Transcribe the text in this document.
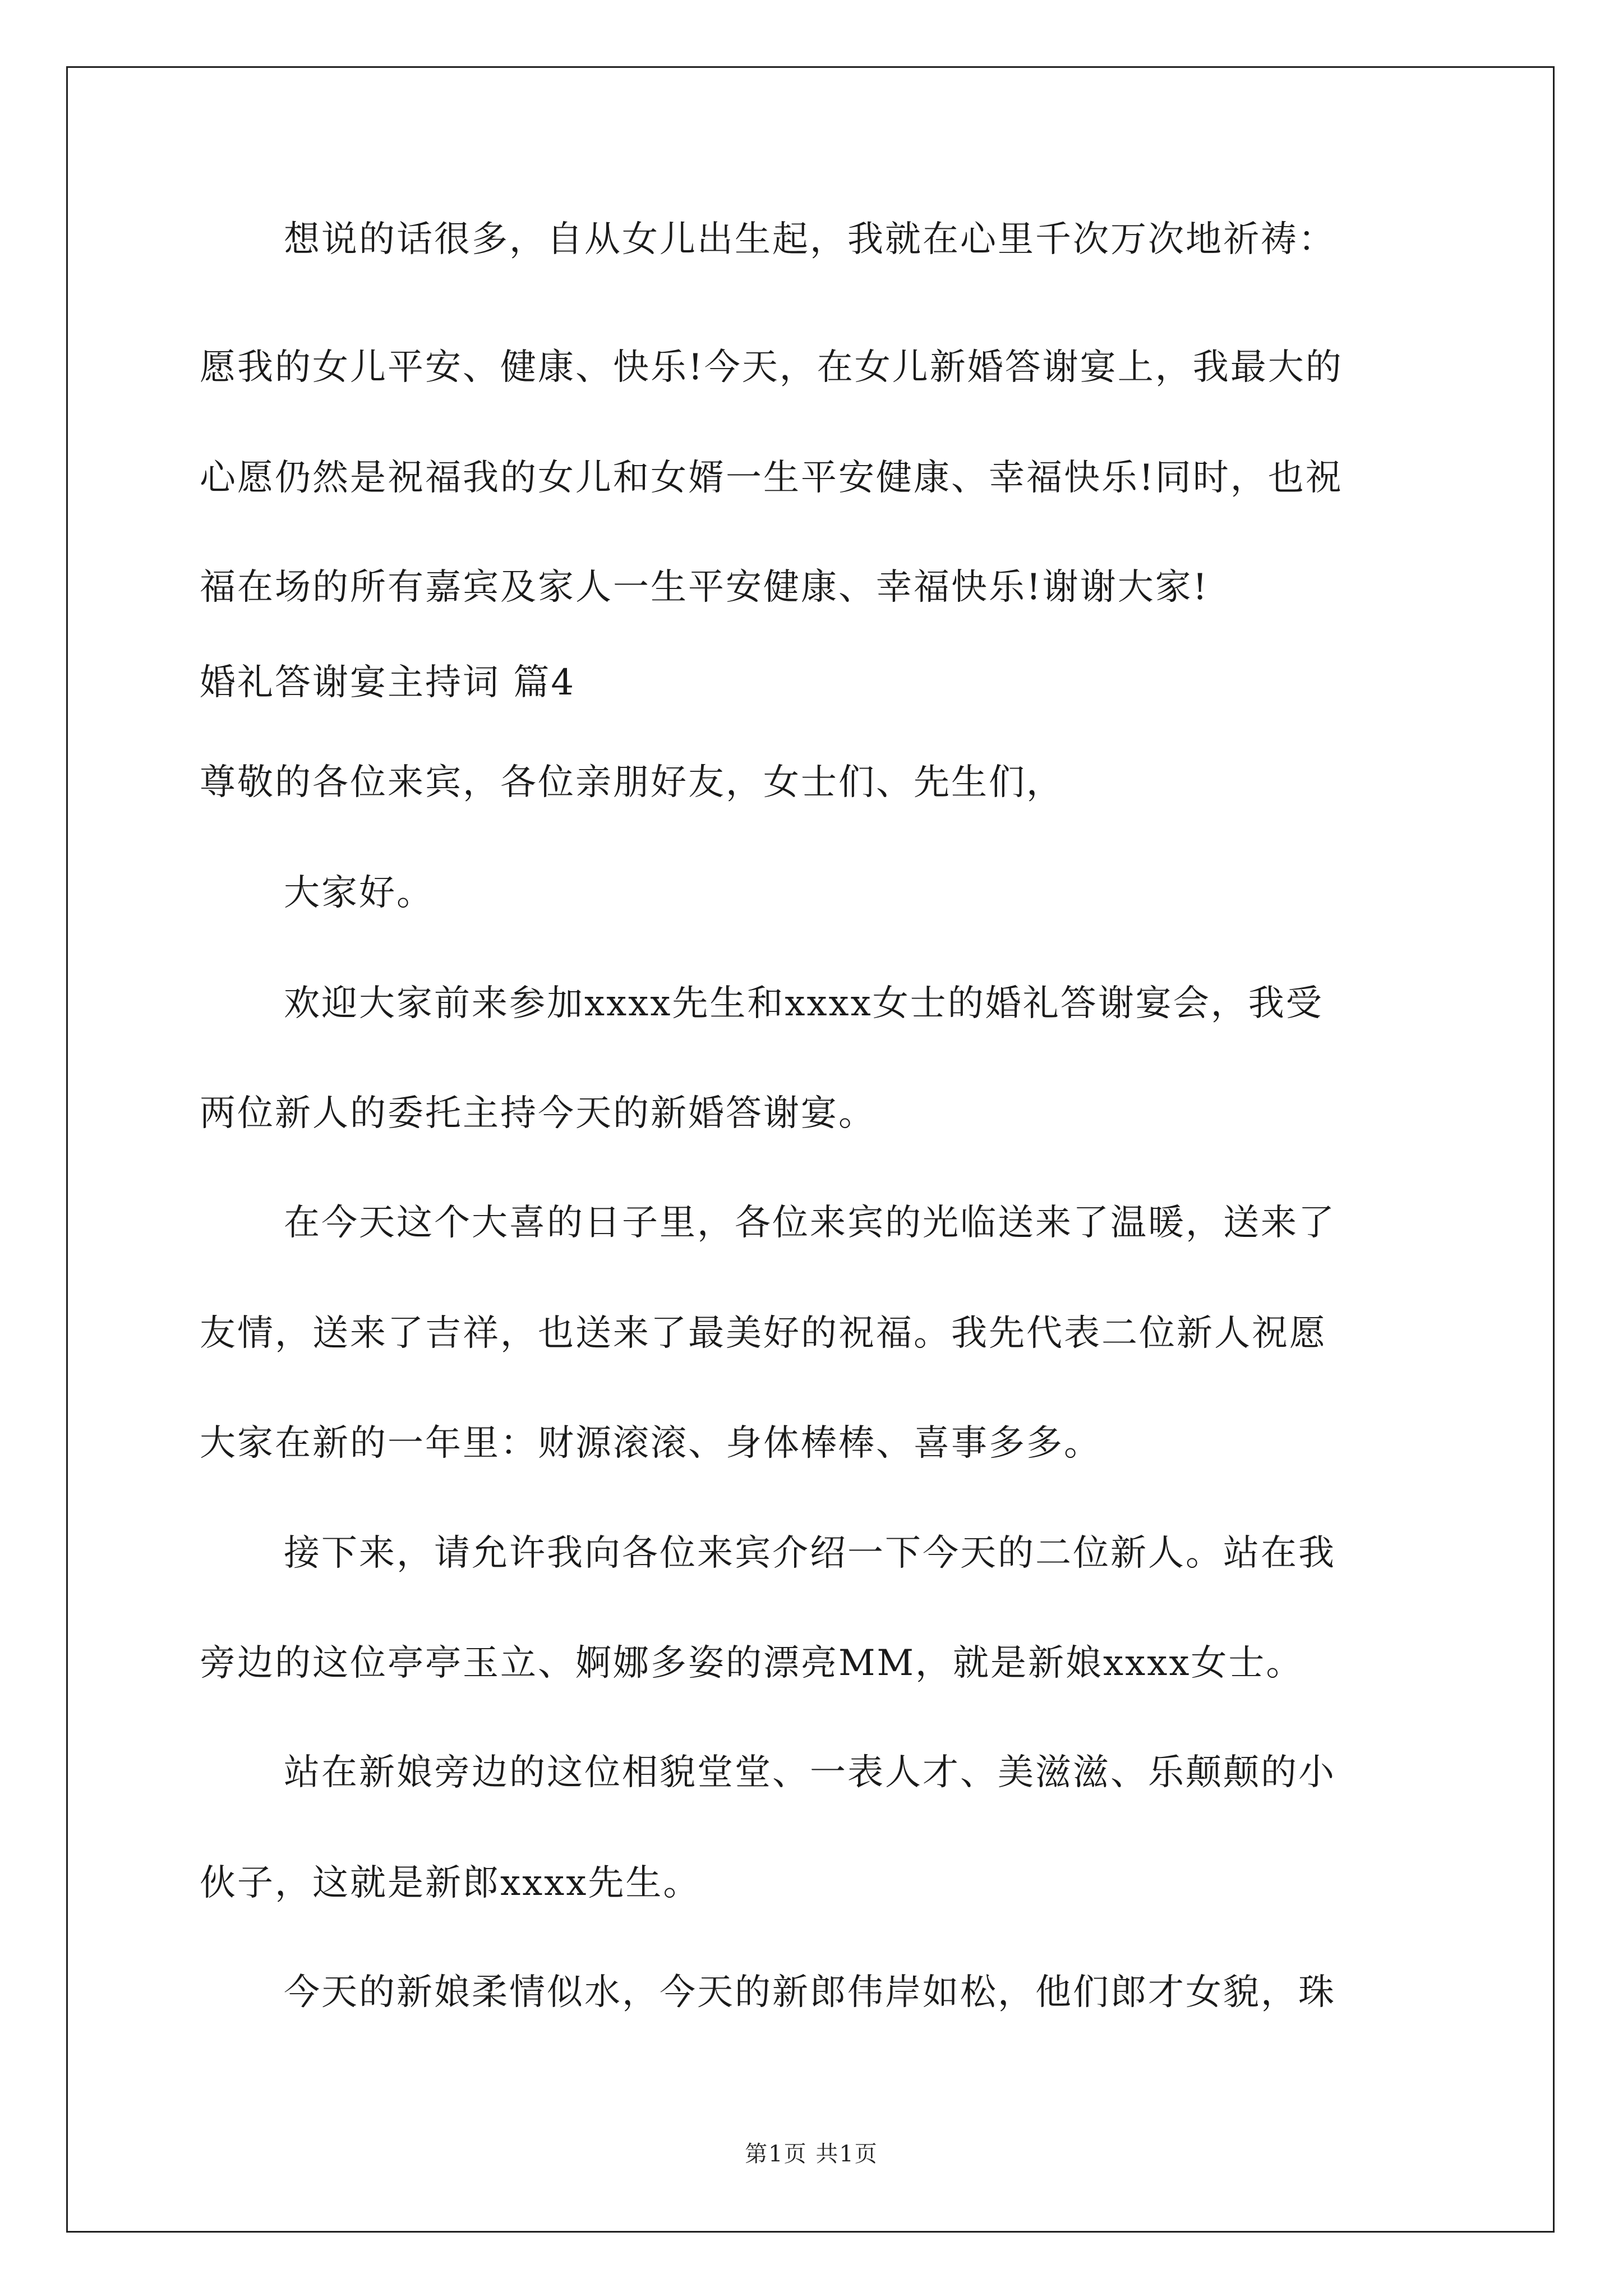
想说的话很多，自从女儿出生起，我就在心里千次万次地祈祷：
愿我的女儿平安、健康、快乐!今天，在女儿新婚答谢宴上，我最大的
心愿仍然是祝福我的女儿和女婿一生平安健康、幸福快乐!同时，也祝
福在场的所有嘉宾及家人一生平安健康、幸福快乐!谢谢大家!
婚礼答谢宴主持词 篇4
尊敬的各位来宾，各位亲朋好友，女士们、先生们，
大家好。
欢迎大家前来参加xxxx先生和xxxx女士的婚礼答谢宴会，我受
两位新人的委托主持今天的新婚答谢宴。
在今天这个大喜的日子里，各位来宾的光临送来了温暖，送来了
友情，送来了吉祥，也送来了最美好的祝福。我先代表二位新人祝愿
大家在新的一年里：财源滚滚、身体棒棒、喜事多多。
接下来，请允许我向各位来宾介绍一下今天的二位新人。站在我
旁边的这位亭亭玉立、婀娜多姿的漂亮MM，就是新娘xxxx女士。
站在新娘旁边的这位相貌堂堂、一表人才、美滋滋、乐颠颠的小
伙子，这就是新郎xxxx先生。
今天的新娘柔情似水，今天的新郎伟岸如松，他们郎才女貌，珠
第1页 共1页
